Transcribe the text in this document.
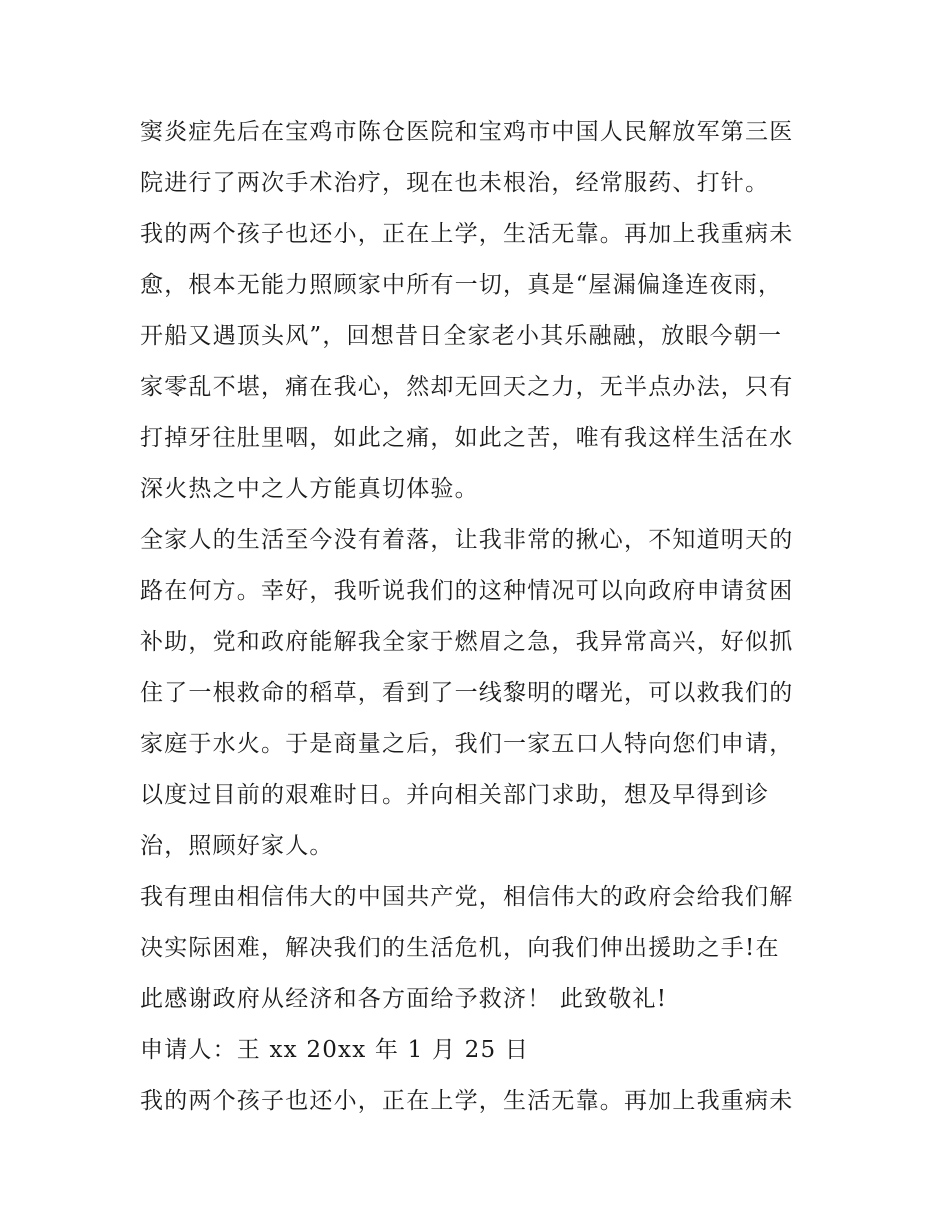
窦炎症先后在宝鸡市陈仓医院和宝鸡市中国人民解放军第三医
院进行了两次手术治疗，现在也未根治，经常服药、打针。
我的两个孩子也还小，正在上学，生活无靠。再加上我重病未
愈，根本无能力照顾家中所有一切，真是“屋漏偏逢连夜雨，
开船又遇顶头风”，回想昔日全家老小其乐融融，放眼今朝一
家零乱不堪，痛在我心，然却无回天之力，无半点办法，只有
打掉牙往肚里咽，如此之痛，如此之苦，唯有我这样生活在水
深火热之中之人方能真切体验。
全家人的生活至今没有着落，让我非常的揪心，不知道明天的
路在何方。幸好，我听说我们的这种情况可以向政府申请贫困
补助，党和政府能解我全家于燃眉之急，我异常高兴，好似抓
住了一根救命的稻草，看到了一线黎明的曙光，可以救我们的
家庭于水火。于是商量之后，我们一家五口人特向您们申请，
以度过目前的艰难时日。并向相关部门求助，想及早得到诊
治，照顾好家人。
我有理由相信伟大的中国共产党，相信伟大的政府会给我们解
决实际困难，解决我们的生活危机，向我们伸出援助之手!在
此感谢政府从经济和各方面给予救济！ 此致敬礼!
申请人：王 xx 20xx 年 1 月 25 日
我的两个孩子也还小，正在上学，生活无靠。再加上我重病未
